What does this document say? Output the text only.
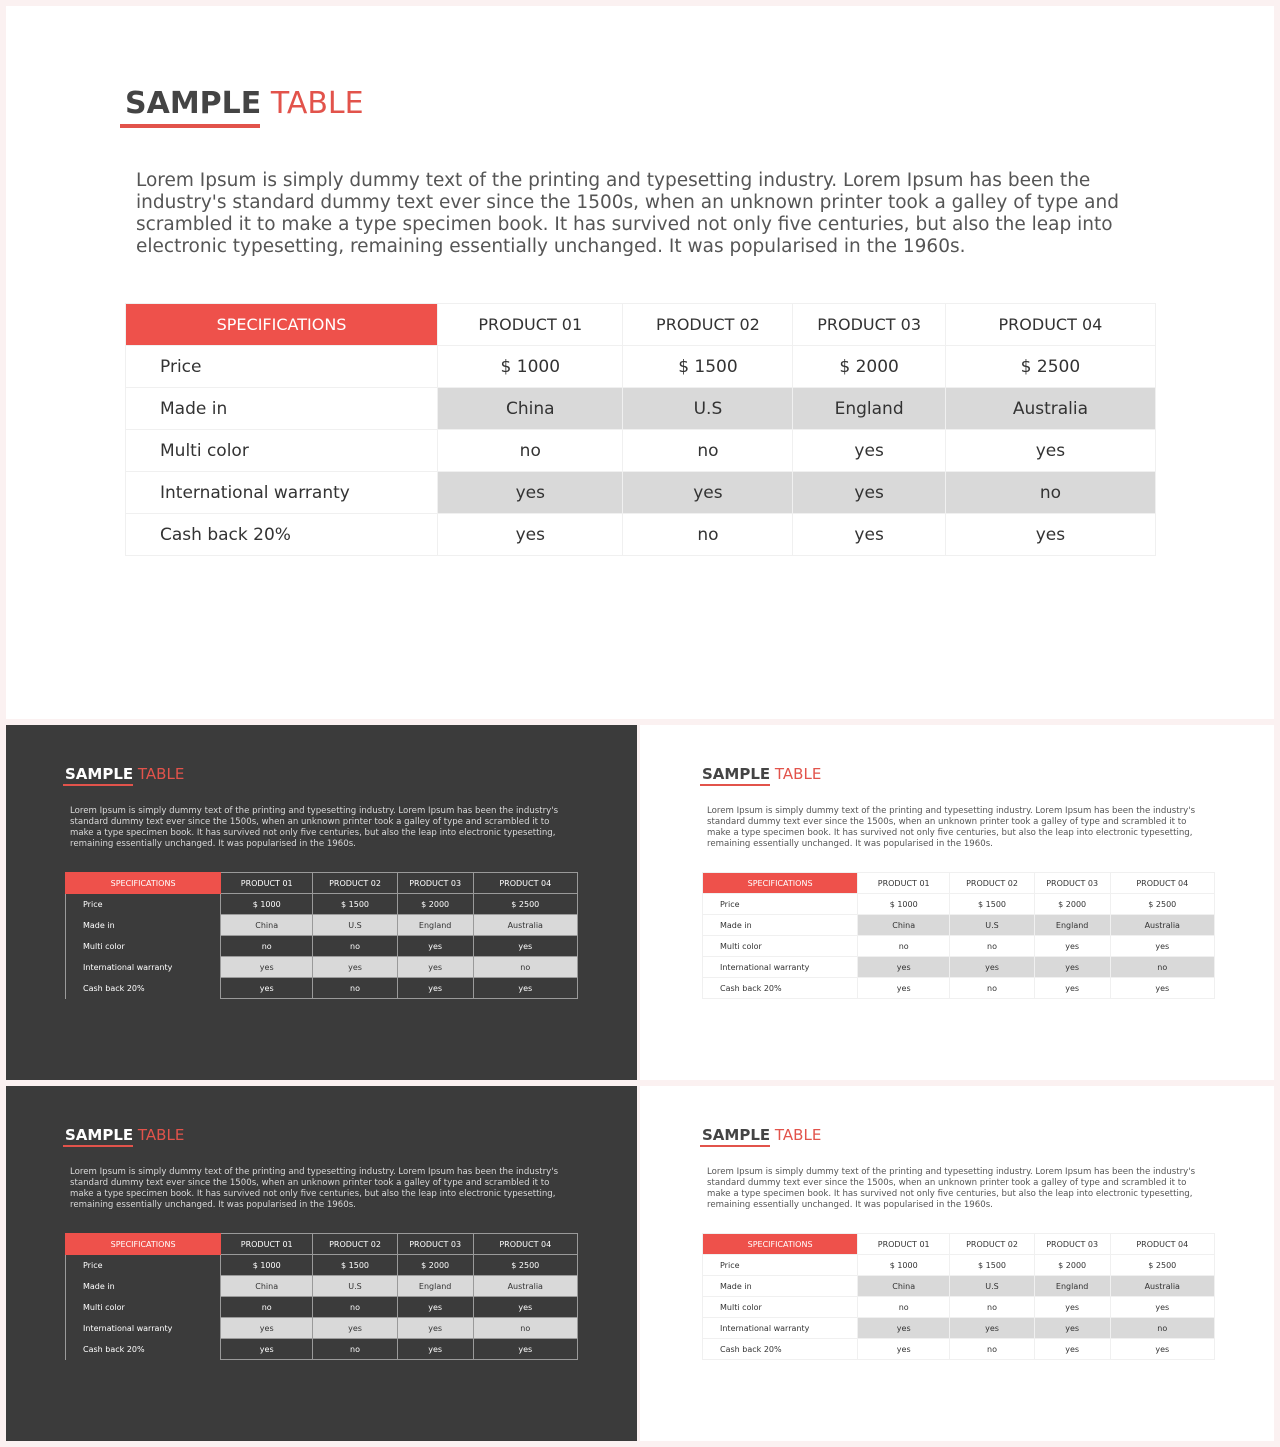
SAMPLE TABLE

Lorem Ipsum is simply dummy text of the printing and typesetting industry. Lorem Ipsum has been the industry's standard dummy text ever since the 1500s, when an unknown printer took a galley of type and scrambled it to make a type specimen book. It has survived not only five centuries, but also the leap into electronic typesetting, remaining essentially unchanged. It was popularised in the 1960s.

SPECIFICATIONS	PRODUCT 01	PRODUCT 02	PRODUCT 03	PRODUCT 04
Price	$ 1000	$ 1500	$ 2000	$ 2500
Made in	China	U.S	England	Australia
Multi color	no	no	yes	yes
International warranty	yes	yes	yes	no
Cash back 20%	yes	no	yes	yes
SAMPLE TABLE

Lorem Ipsum is simply dummy text of the printing and typesetting industry. Lorem Ipsum has been the industry's standard dummy text ever since the 1500s, when an unknown printer took a galley of type and scrambled it to make a type specimen book. It has survived not only five centuries, but also the leap into electronic typesetting, remaining essentially unchanged. It was popularised in the 1960s.

SPECIFICATIONS	PRODUCT 01	PRODUCT 02	PRODUCT 03	PRODUCT 04
Price	$ 1000	$ 1500	$ 2000	$ 2500
Made in	China	U.S	England	Australia
Multi color	no	no	yes	yes
International warranty	yes	yes	yes	no
Cash back 20%	yes	no	yes	yes
SAMPLE TABLE

Lorem Ipsum is simply dummy text of the printing and typesetting industry. Lorem Ipsum has been the industry's standard dummy text ever since the 1500s, when an unknown printer took a galley of type and scrambled it to make a type specimen book. It has survived not only five centuries, but also the leap into electronic typesetting, remaining essentially unchanged. It was popularised in the 1960s.

SPECIFICATIONS	PRODUCT 01	PRODUCT 02	PRODUCT 03	PRODUCT 04
Price	$ 1000	$ 1500	$ 2000	$ 2500
Made in	China	U.S	England	Australia
Multi color	no	no	yes	yes
International warranty	yes	yes	yes	no
Cash back 20%	yes	no	yes	yes
SAMPLE TABLE

Lorem Ipsum is simply dummy text of the printing and typesetting industry. Lorem Ipsum has been the industry's standard dummy text ever since the 1500s, when an unknown printer took a galley of type and scrambled it to make a type specimen book. It has survived not only five centuries, but also the leap into electronic typesetting, remaining essentially unchanged. It was popularised in the 1960s.

SPECIFICATIONS	PRODUCT 01	PRODUCT 02	PRODUCT 03	PRODUCT 04
Price	$ 1000	$ 1500	$ 2000	$ 2500
Made in	China	U.S	England	Australia
Multi color	no	no	yes	yes
International warranty	yes	yes	yes	no
Cash back 20%	yes	no	yes	yes
SAMPLE TABLE

Lorem Ipsum is simply dummy text of the printing and typesetting industry. Lorem Ipsum has been the industry's standard dummy text ever since the 1500s, when an unknown printer took a galley of type and scrambled it to make a type specimen book. It has survived not only five centuries, but also the leap into electronic typesetting, remaining essentially unchanged. It was popularised in the 1960s.

SPECIFICATIONS	PRODUCT 01	PRODUCT 02	PRODUCT 03	PRODUCT 04
Price	$ 1000	$ 1500	$ 2000	$ 2500
Made in	China	U.S	England	Australia
Multi color	no	no	yes	yes
International warranty	yes	yes	yes	no
Cash back 20%	yes	no	yes	yes
